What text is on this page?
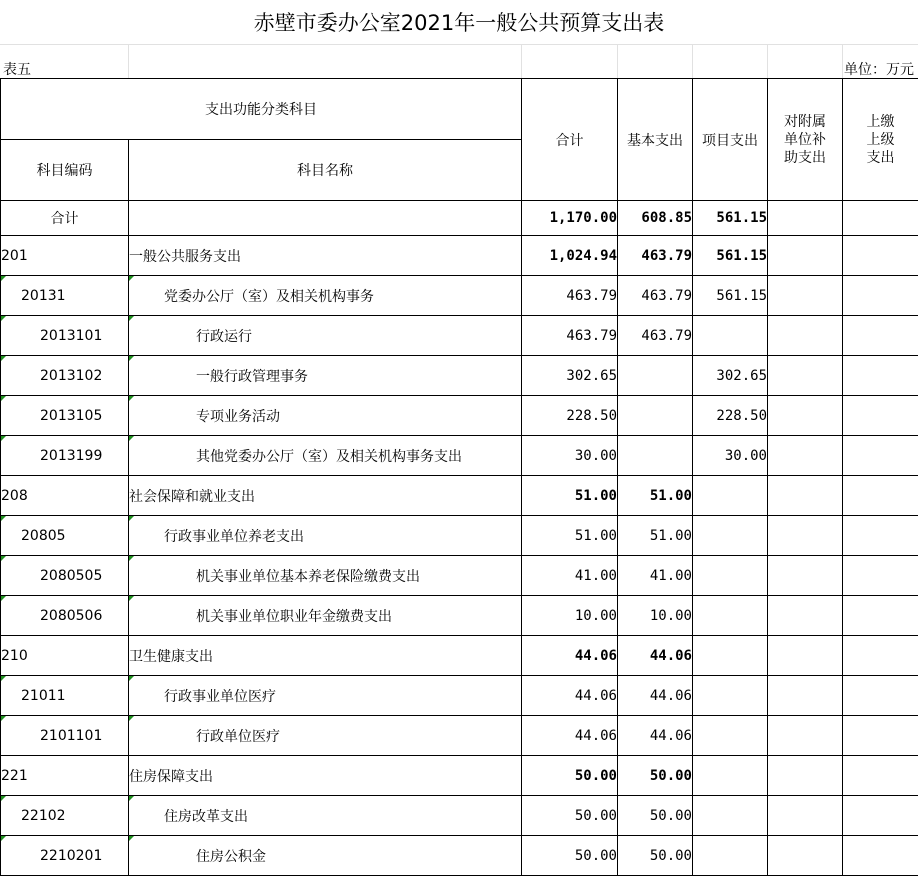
赤壁市委办公室2021年一般公共预算支出表
表五	单位：万元
支出功能分类科目		合计	基本支出	项目支出	对附属单位补助支出	上缴上级支出
科目编码	科目名称					
合计		1,170.00	608.85	561.15		
201	一般公共服务支出	1,024.94	463.79	561.15		
20131	党委办公厅（室）及相关机构事务	463.79	463.79	561.15		
2013101	行政运行	463.79	463.79			
2013102	一般行政管理事务	302.65		302.65		
2013105	专项业务活动	228.50		228.50		
2013199	其他党委办公厅（室）及相关机构事务支出	30.00		30.00		
208	社会保障和就业支出	51.00	51.00			
20805	行政事业单位养老支出	51.00	51.00			
2080505	机关事业单位基本养老保险缴费支出	41.00	41.00			
2080506	机关事业单位职业年金缴费支出	10.00	10.00			
210	卫生健康支出	44.06	44.06			
21011	行政事业单位医疗	44.06	44.06			
2101101	行政单位医疗	44.06	44.06			
221	住房保障支出	50.00	50.00			
22102	住房改革支出	50.00	50.00			
2210201	住房公积金	50.00	50.00			
